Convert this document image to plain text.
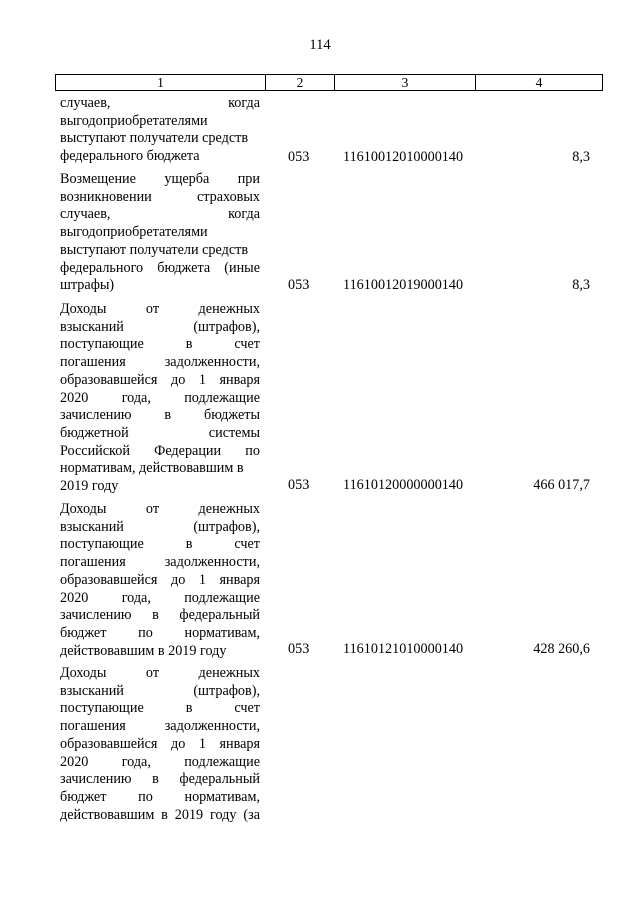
114
1	2	3	4
случаев, когда
выгодоприобретателями
выступают получатели средств
федерального бюджета	053 11610012010000140	8,3
Возмещение ущерба при
возникновении страховых
случаев, когда
выгодоприобретателями
выступают получатели средств
федерального бюджета (иные
штрафы)	053 11610012019000140	8,3
Доходы от денежных
взысканий (штрафов),
поступающие в счет
погашения задолженности,
образовавшейся до 1 января
2020 года, подлежащие
зачислению в бюджеты
бюджетной системы
Российской Федерации по
нормативам, действовавшим в
2019 году	053 11610120000000140	466 017,7
Доходы от денежных
взысканий (штрафов),
поступающие в счет
погашения задолженности,
образовавшейся до 1 января
2020 года, подлежащие
зачислению в федеральный
бюджет по нормативам,
действовавшим в 2019 году	053 11610121010000140	428 260,6
Доходы от денежных
взысканий (штрафов),
поступающие в счет
погашения задолженности,
образовавшейся до 1 января
2020 года, подлежащие
зачислению в федеральный
бюджет по нормативам,
действовавшим в 2019 году (за
